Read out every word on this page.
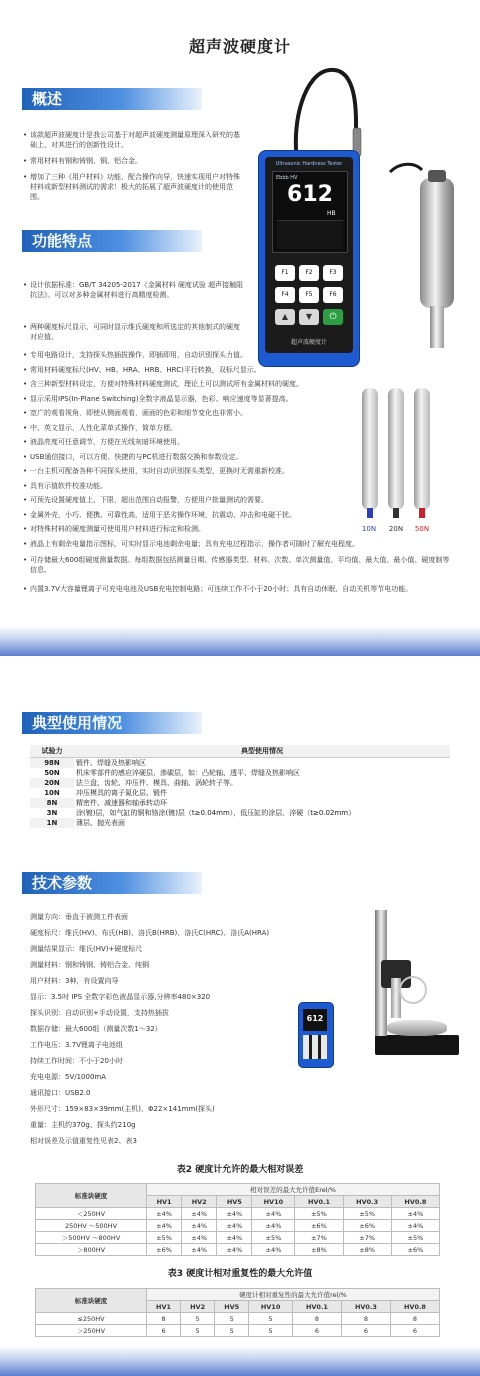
超声波硬度计
概述
• 该款超声波硬度计是我公司基于对超声波硬度测量原理深入研究的基础上，对其进行的创新性设计。
• 常用材料有钢和铸钢、铜、铝合金。
• 增加了三种《用户材料》功能，配合操作向导，快速实现用户对特殊材料或新型材料测试的需求！极大的拓展了超声波硬度计的使用范围。
功能特点
• 设计依据标准：GB/T 34205-2017《金属材料 硬度试验 超声接触阻抗法》。可以对多种金属材料进行高精度检测。
• 两种硬度标尺显示，可同时显示维氏硬度和所选定的其他制式的硬度对应值。
• 专用电路设计，支持探头热插拔操作，即插即用，自动识别探头力值。
• 常用材料硬度标尺(HV、HB、HRA、HRB、HRC)平行转换，双标尺显示。
• 含三种新型材料设定，方便对特殊材料硬度测试，理论上可以测试所有金属材料的硬度。
• 显示采用IPS(In-Plane Switching)全数字液晶显示器，色彩、响应速度等显著提高。
• 宽广的观看视角，即使从侧面观看，画面的色彩和细节变化也非常小。
• 中、英文显示，人性化菜单式操作，简单方便。
• 液晶亮度可任意调节，方便在光线灰暗环境使用。
• USB通信接口，可以方便、快捷的与PC机进行数据交换和参数设定。
• 一台主机可配备各种不同探头使用，实时自动识别探头类型，更换时无需重新校准。
• 具有示值软件校准功能。
• 可预先设置硬度值上、下限，超出范围自动报警，方便用户批量测试的需要。
• 金属外壳，小巧、便携、可靠性高，适用于恶劣操作环境，抗震动、冲击和电磁干扰。
• 对特殊材料的硬度测量可使用用户材料进行标定和检测。
• 液晶上有剩余电量指示图标，可实时显示电池剩余电量；具有充电过程指示，操作者可随时了解充电程度。
• 可存储最大600组硬度测量数据。每组数据包括测量日期、传感器类型、材料、次数、单次测量值、平均值、最大值、最小值、硬度制等信息。
• 内置3.7V大容量锂离子可充电电池及USB充电控制电路；可连续工作不小于20小时；具有自动休眠、自动关机等节电功能。
Ultrasonic Hardness Tester
Ebbb HV
612
HB
F1	F2	F3
F4	F5	F6
▲	▼	⏻
超声波硬度计
10N	20N	50N
典型使用情况
试验力	典型使用情况
98N	锻件、焊缝及热影响区
50N	机床零部件的感应淬硬层、渗碳层，如：凸轮轴、透平、焊缝及热影响区
20N	法兰盘、齿轮、冲压件、模具、曲轴、涡轮转子等。
10N	冲压模具的离子氮化层、锻件
8N	精密件、减速器和轴承转动环
3N	涂(镀)层，如气缸的铜和铬涂(镀)层（t≥0.04mm），低压缸的涂层、淬硬（t≥0.02mm）
1N	薄层、抛光表面
技术参数
测量方向：垂直于被测工件表面
硬度标尺：维氏(HV)、布氏(HB)、洛氏B(HRB)、洛氏C(HRC)、洛氏A(HRA)
测量结果显示：维氏(HV)+硬度标尺
测量材料：钢和铸钢、铸铝合金、纯铜
用户材料：3种，有设置向导
显示：3.5吋 IPS 全数字彩色液晶显示器,分辨率480×320
探头识别：自动识别+手动设置，支持热插拔
数据存储：最大600组（测量次数1～32）
工作电压：3.7V锂离子电池组
持续工作时间：不小于20小时
充电电源：5V/1000mA
通讯接口：USB2.0
外形尺寸：159×83×39mm(主机)、Φ22×141mm(探头)
重量：主机约370g、探头约210g
相对误差及示值重复性见表2、表3
612
表2 硬度计允许的最大相对误差
标准块硬度	相对误差的最大允许值Erel/%						
	HV1	HV2	HV5	HV10	HV0.1	HV0.3	HV0.8
＜250HV	±4%	±4%	±4%	±4%	±5%	±5%	±4%
250HV ～500HV	±4%	±4%	±4%	±4%	±6%	±6%	±4%
＞500HV ～800HV	±5%	±4%	±4%	±5%	±7%	±7%	±5%
＞800HV	±6%	±4%	±4%	±4%	±8%	±8%	±6%
表3 硬度计相对重复性的最大允许值
标准块硬度	硬度计相对重复性的最大允许值rel/%						
	HV1	HV2	HV5	HV10	HV0.1	HV0.3	HV0.8
≤250HV	8	5	5	5	8	8	8
＞250HV	6	5	5	5	6	6	6
